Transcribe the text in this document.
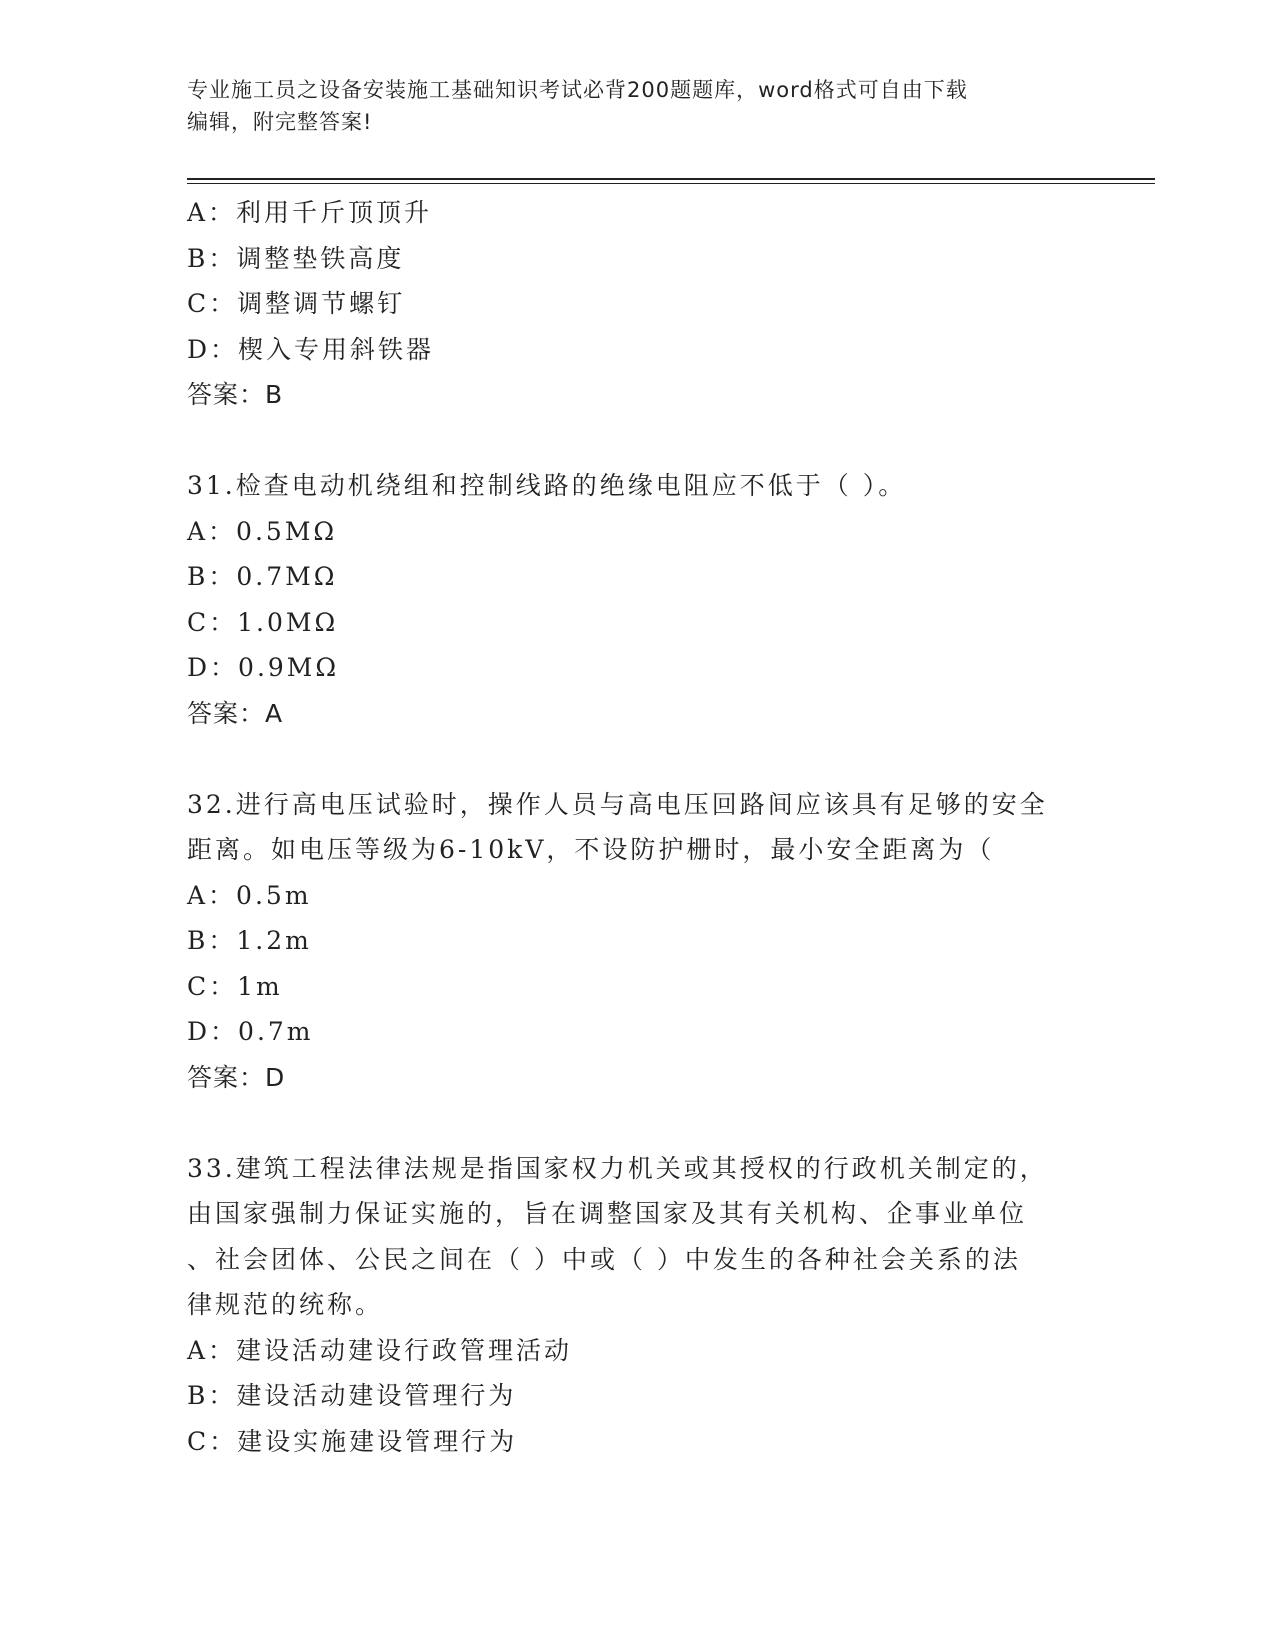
专业施工员之设备安装施工基础知识考试必背200题题库，word格式可自由下载
编辑，附完整答案!
A：利用千斤顶顶升
B：调整垫铁高度
C：调整调节螺钉
D：楔入专用斜铁器
答案：B
31.检查电动机绕组和控制线路的绝缘电阻应不低于（ ）。
A：0.5MΩ
B：0.7MΩ
C：1.0MΩ
D：0.9MΩ
答案：A
32.进行高电压试验时，操作人员与高电压回路间应该具有足够的安全
距离。如电压等级为6-10kV，不设防护栅时，最小安全距离为（
A：0.5m
B：1.2m
C：1m
D：0.7m
答案：D
33.建筑工程法律法规是指国家权力机关或其授权的行政机关制定的，
由国家强制力保证实施的，旨在调整国家及其有关机构、企事业单位
、社会团体、公民之间在（ ）中或（ ）中发生的各种社会关系的法
律规范的统称。
A：建设活动建设行政管理活动
B：建设活动建设管理行为
C：建设实施建设管理行为
